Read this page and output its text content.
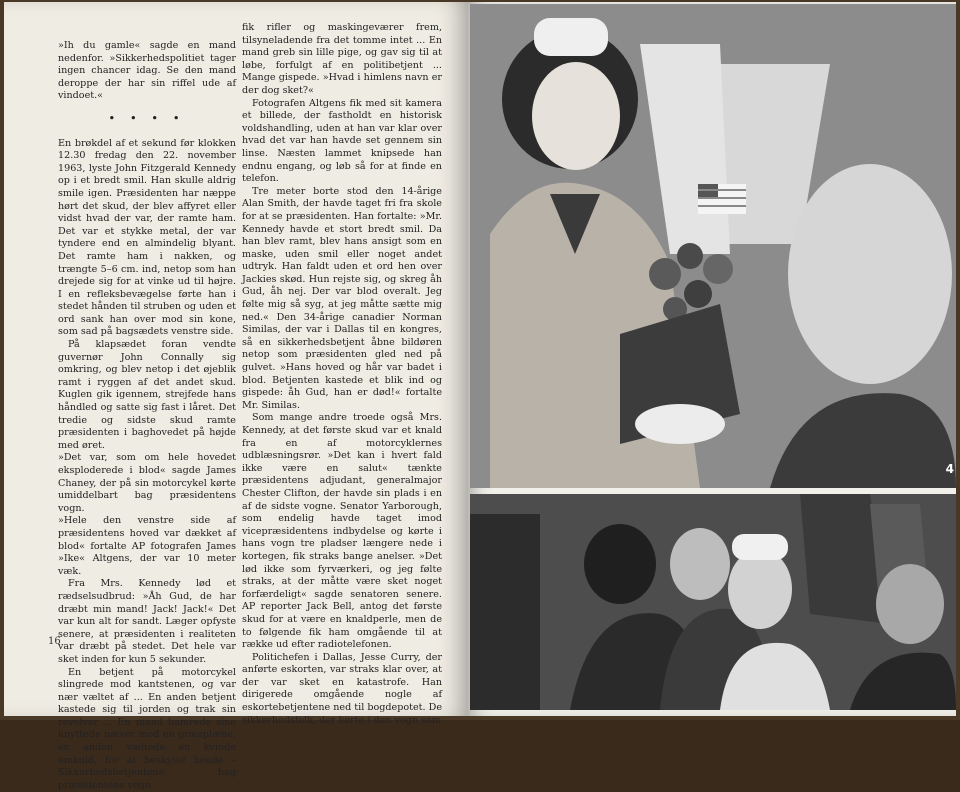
»Ih du gamle« sagde en mand nedenfor. »Sikkerhedspolitiet tager ingen chancer idag. Se den mand deroppe der har sin riffel ude af vindoet.«

• • • •

En brøkdel af et sekund før klokken 12.30 fredag den 22. november 1963, lyste John Fitzgerald Kennedy op i et bredt smil. Han skulle aldrig smile igen. Præsidenten har næppe hørt det skud, der blev affyret eller vidst hvad der var, der ramte ham. Det var et stykke metal, der var tyndere end en almindelig blyant. Det ramte ham i nakken, og trængte 5–6 cm. ind, netop som han drejede sig for at vinke ud til højre. I en refleksbevægelse førte han i stedet hånden til struben og uden et ord sank han over mod sin kone, som sad på bagsædets venstre side.

På klapsædet foran vendte guvernør John Connally sig omkring, og blev netop i det øjeblik ramt i ryggen af det andet skud. Kuglen gik igennem, strejfede hans håndled og satte sig fast i låret. Det tredie og sidste skud ramte præsidenten i baghovedet på højde med øret.

»Det var, som om hele hovedet eksploderede i blod« sagde James Chaney, der på sin motorcykel kørte umiddelbart bag præsidentens vogn.

»Hele den venstre side af præsidentens hoved var dækket af blod« fortalte AP fotografen James »Ike« Altgens, der var 10 meter væk.

Fra Mrs. Kennedy lød et rædselsudbrud: »Åh Gud, de har dræbt min mand! Jack! Jack!« Det var kun alt for sandt. Læger opfyste senere, at præsidenten i realiteten var dræbt på stedet. Det hele var sket inden for kun 5 sekunder.

En betjent på motorcykel slingrede mod kantstenen, og var nær væltet af ... En anden betjent kastede sig til jorden og trak sin revolver ... En mand hamrede sine knyttede næver mod en græsplæne, en anden væltede en kvinde omkuld, for at beskytte hende – Sikkerhedsbetjentene bag præsidentens vogn

fik rifler og maskingeværer frem, tilsyneladende fra det tomme intet ... En mand greb sin lille pige, og gav sig til at løbe, forfulgt af en politibetjent ... Mange gispede. »Hvad i himlens navn er der dog sket?«

Fotografen Altgens fik med sit kamera et billede, der fastholdt en historisk voldshandling, uden at han var klar over hvad det var han havde set gennem sin linse. Næsten lammet knipsede han endnu engang, og løb så for at finde en telefon.

Tre meter borte stod den 14-årige Alan Smith, der havde taget fri fra skole for at se præsidenten. Han fortalte: »Mr. Kennedy havde et stort bredt smil. Da han blev ramt, blev hans ansigt som en maske, uden smil eller noget andet udtryk. Han faldt uden et ord hen over Jackies skød. Hun rejste sig, og skreg åh Gud, åh nej. Der var blod overalt. Jeg følte mig så syg, at jeg måtte sætte mig ned.« Den 34-årige canadier Norman Similas, der var i Dallas til en kongres, så en sikkerhedsbetjent åbne bildøren netop som præsidenten gled ned på gulvet. »Hans hoved og hår var badet i blod. Betjenten kastede et blik ind og gispede: åh Gud, han er død!« fortalte Mr. Similas.

Som mange andre troede også Mrs. Kennedy, at det første skud var et knald fra en af motorcyklernes udblæsningsrør. »Det kan i hvert fald ikke være en salut« tænkte præsidentens adjudant, generalmajor Chester Clifton, der havde sin plads i en af de sidste vogne. Senator Yarborough, som endelig havde taget imod vicepræsidentens indbydelse og kørte i hans vogn tre pladser længere nede i kortegen, fik straks bange anelser. »Det lød ikke som fyrværkeri, og jeg følte straks, at der måtte være sket noget forfærdeligt« sagde senatoren senere. AP reporter Jack Bell, antog det første skud for at være en knaldperle, men de to følgende fik ham omgående til at række ud efter radiotelefonen.

Politichefen i Dallas, Jesse Curry, der anførte eskorten, var straks klar over, at der var sket en katastrofe. Han dirigerede omgående nogle af eskortebetjentene ned til bogdepotet. De sikkerhedsfolk, der kørte i den vogn som

16
4
